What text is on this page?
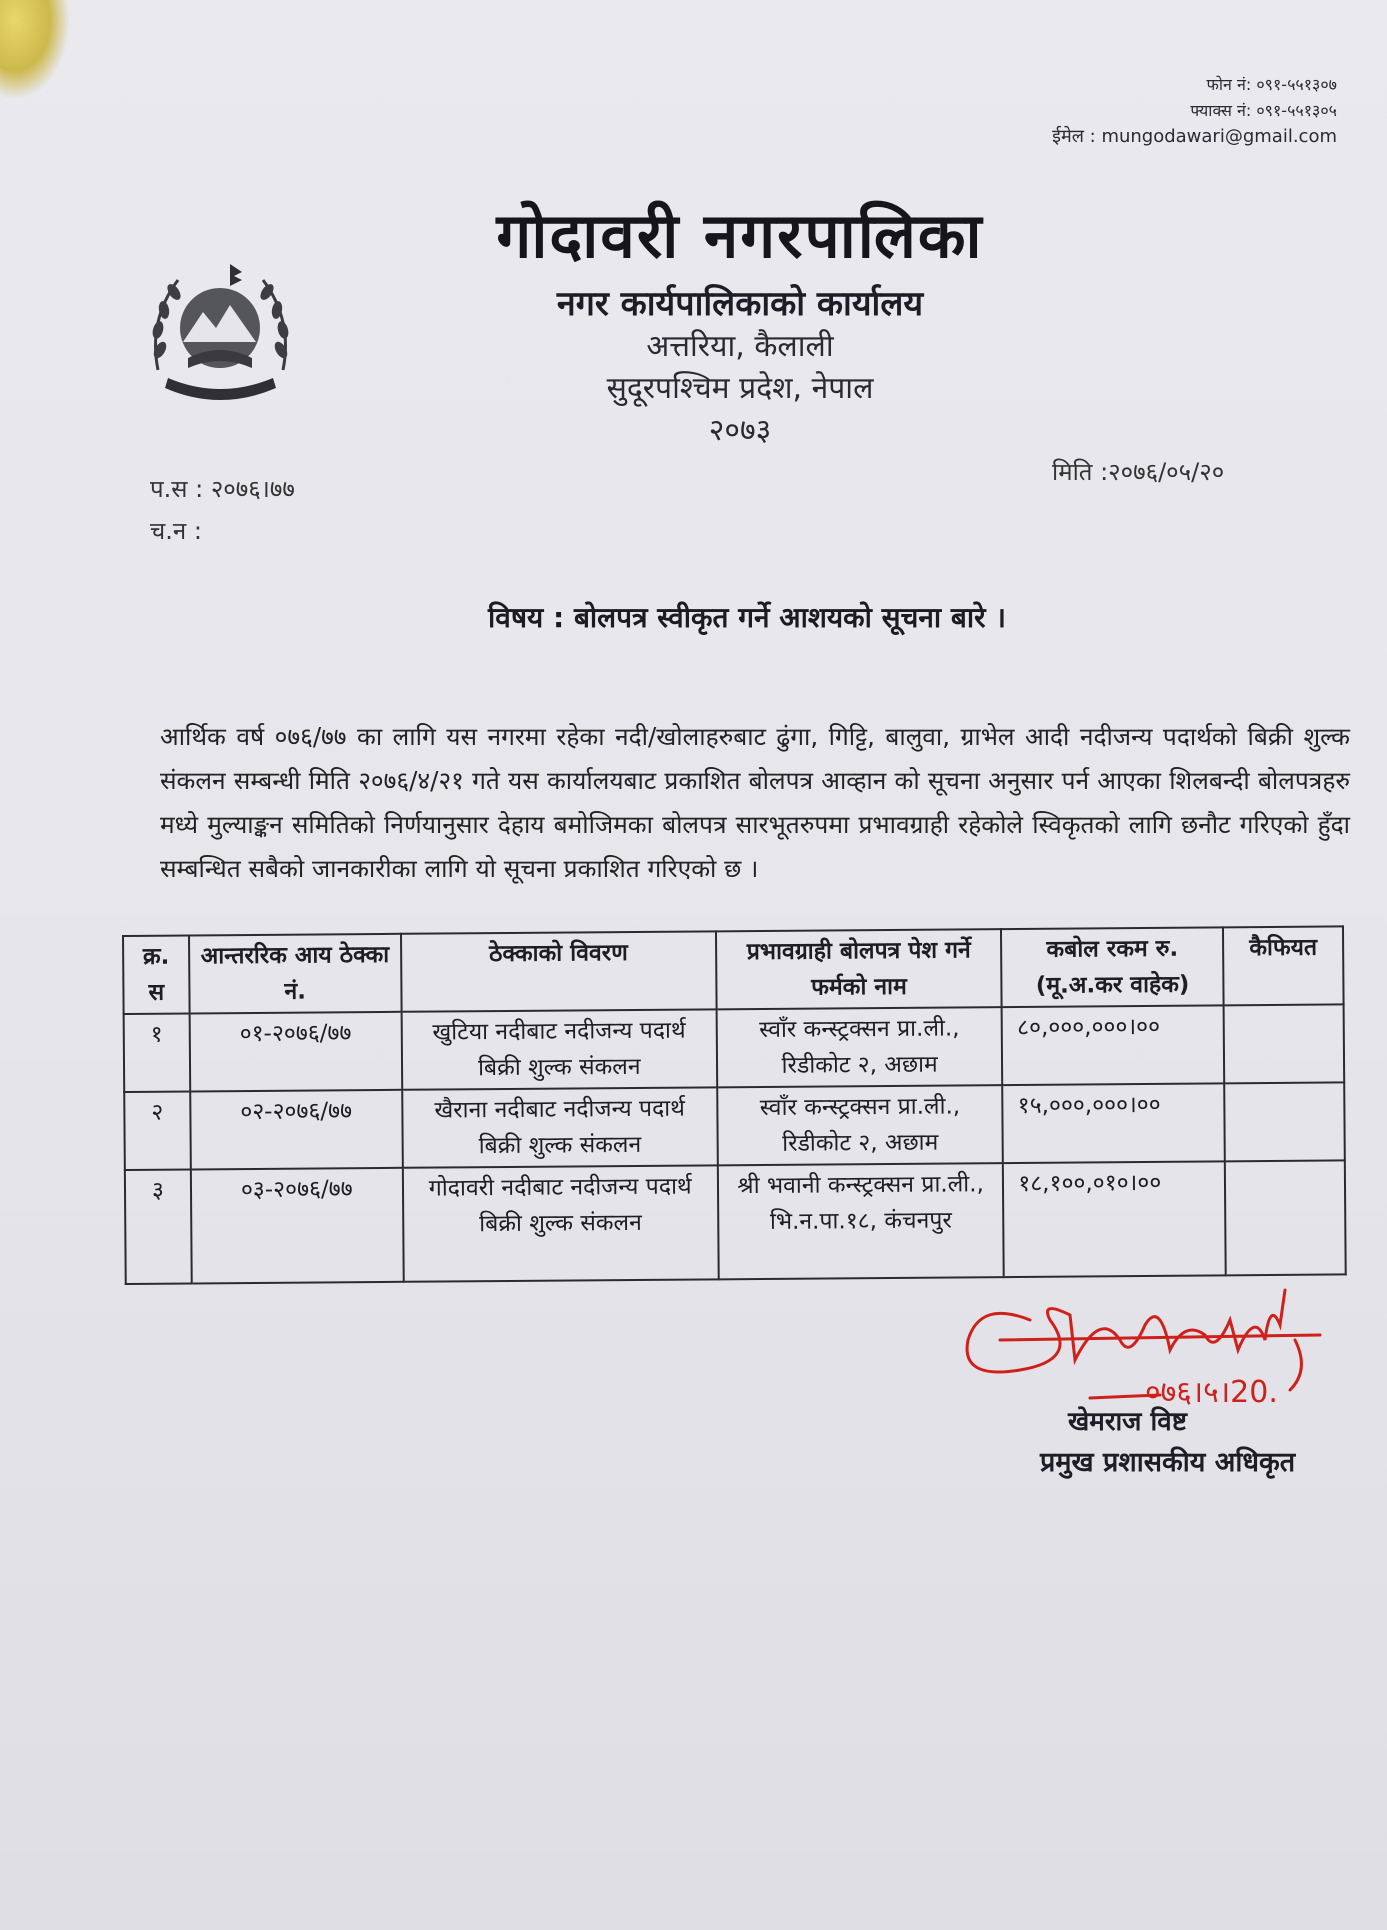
फोन नं: ०९१-५५१३०७
फ्याक्स नं: ०९१-५५१३०५
ईमेल : mungodawari@gmail.com
गोदावरी नगरपालिका
नगर कार्यपालिकाको कार्यालय
अत्तरिया, कैलाली
सुदूरपश्चिम प्रदेश, नेपाल
२०७३
प.स : २०७६।७७
च.न :
मिति :२०७६/०५/२०
विषय : बोलपत्र स्वीकृत गर्ने आशयको सूचना बारे ।
आर्थिक वर्ष ०७६/७७ का लागि यस नगरमा रहेका नदी/खोलाहरुबाट ढुंगा, गिट्टि, बालुवा, ग्राभेल आदी नदीजन्य पदार्थको बिक्री शुल्क संकलन सम्बन्धी मिति २०७६/४/२१ गते यस कार्यालयबाट प्रकाशित बोलपत्र आव्हान को सूचना अनुसार पर्न आएका शिलबन्दी बोलपत्रहरु मध्ये मुल्याङ्कन समितिको निर्णयानुसार देहाय बमोजिमका बोलपत्र सारभूतरुपमा प्रभावग्राही रहेकोले स्विकृतको लागि छनौट गरिएको हुँदा सम्बन्धित सबैको जानकारीका लागि यो सूचना प्रकाशित गरिएको छ ।
क्र. स	आन्तररिक आय ठेक्का नं.	ठेक्काको विवरण	प्रभावग्राही बोलपत्र पेश गर्ने फर्मको नाम	कबोल रकम रु. (मू.अ.कर वाहेक)	कैफियत
१	०१-२०७६/७७	खुटिया नदीबाट नदीजन्य पदार्थ बिक्री शुल्क संकलन	स्वाँर कन्स्ट्रक्सन प्रा.ली., रिडीकोट २, अछाम	८०,०००,०००।००	
२	०२-२०७६/७७	खैराना नदीबाट नदीजन्य पदार्थ बिक्री शुल्क संकलन	स्वाँर कन्स्ट्रक्सन प्रा.ली., रिडीकोट २, अछाम	१५,०००,०००।००	
३	०३-२०७६/७७	गोदावरी नदीबाट नदीजन्य पदार्थ बिक्री शुल्क संकलन	श्री भवानी कन्स्ट्रक्सन प्रा.ली., भि.न.पा.१८, कंचनपुर	१८,१००,०१०।००	
०७६।५।20.
खेमराज विष्ट
प्रमुख प्रशासकीय अधिकृत
